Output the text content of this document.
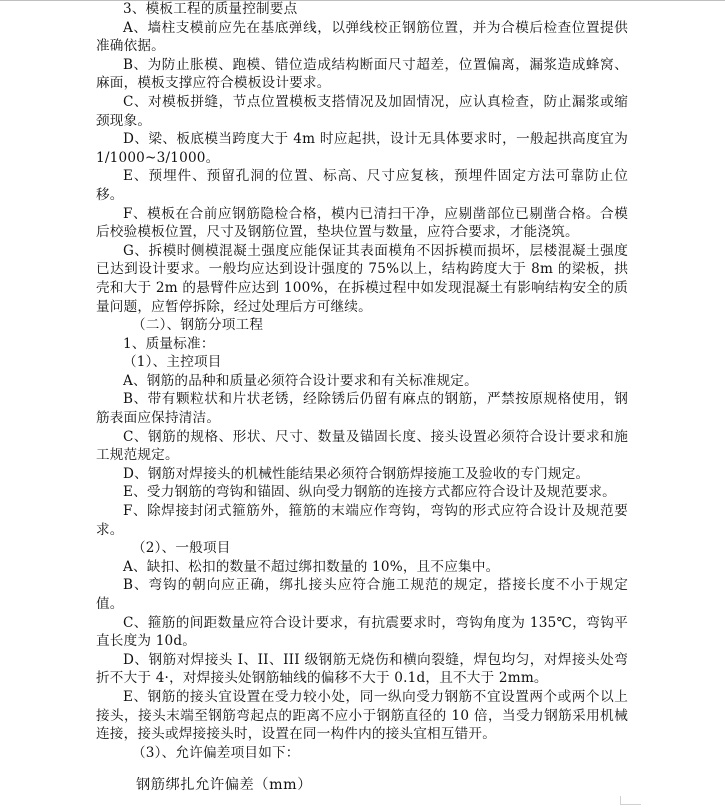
3、模板工程的质量控制要点

A、墙柱支模前应先在基底弹线，以弹线校正钢筋位置，并为合模后检查位置提供准确依据。

B、为防止胀模、跑模、错位造成结构断面尺寸超差，位置偏离，漏浆造成蜂窝、麻面，模板支撑应符合模板设计要求。

C、对模板拼缝，节点位置模板支搭情况及加固情况，应认真检查，防止漏浆或缩颈现象。

D、梁、板底模当跨度大于 4m 时应起拱，设计无具体要求时，一般起拱高度宜为 1/1000~3/1000。

E、预埋件、预留孔洞的位置、标高、尺寸应复核，预埋件固定方法可靠防止位移。

F、模板在合前应钢筋隐检合格，模内已清扫干净，应剔凿部位已剔凿合格。合模后校验模板位置，尺寸及钢筋位置，垫块位置与数量，应符合要求，才能浇筑。

G、拆模时侧模混凝土强度应能保证其表面模角不因拆模而损坏，层楼混凝土强度已达到设计要求。一般均应达到设计强度的 75%以上，结构跨度大于 8m 的梁板，拱壳和大于 2m 的悬臂件应达到 100%，在拆模过程中如发现混凝土有影响结构安全的质量问题，应暂停拆除，经过处理后方可继续。

（二）、钢筋分项工程

1、质量标准：

（1）、主控项目

A、钢筋的品种和质量必须符合设计要求和有关标准规定。

B、带有颗粒状和片状老锈，经除锈后仍留有麻点的钢筋，严禁按原规格使用，钢筋表面应保持清洁。

C、钢筋的规格、形状、尺寸、数量及锚固长度、接头设置必须符合设计要求和施工规范规定。

D、钢筋对焊接头的机械性能结果必须符合钢筋焊接施工及验收的专门规定。

E、受力钢筋的弯钩和锚固、纵向受力钢筋的连接方式都应符合设计及规范要求。

F、除焊接封闭式箍筋外，箍筋的末端应作弯钩，弯钩的形式应符合设计及规范要求。

（2）、一般项目

A、缺扣、松扣的数量不超过绑扣数量的 10%，且不应集中。

B、弯钩的朝向应正确，绑扎接头应符合施工规范的规定，搭接长度不小于规定值。

C、箍筋的间距数量应符合设计要求，有抗震要求时，弯钩角度为 135℃，弯钩平直长度为 10d。

D、钢筋对焊接头 I、II、III 级钢筋无烧伤和横向裂缝，焊包均匀，对焊接头处弯折不大于 4·，对焊接头处钢筋轴线的偏移不大于 0.1d，且不大于 2mm。

E、钢筋的接头宜设置在受力较小处，同一纵向受力钢筋不宜设置两个或两个以上接头，接头末端至钢筋弯起点的距离不应小于钢筋直径的 10 倍，当受力钢筋采用机械连接，接头或焊接接头时，设置在同一构件内的接头宜相互错开。

（3）、允许偏差项目如下：

钢筋绑扎允许偏差（mm）
